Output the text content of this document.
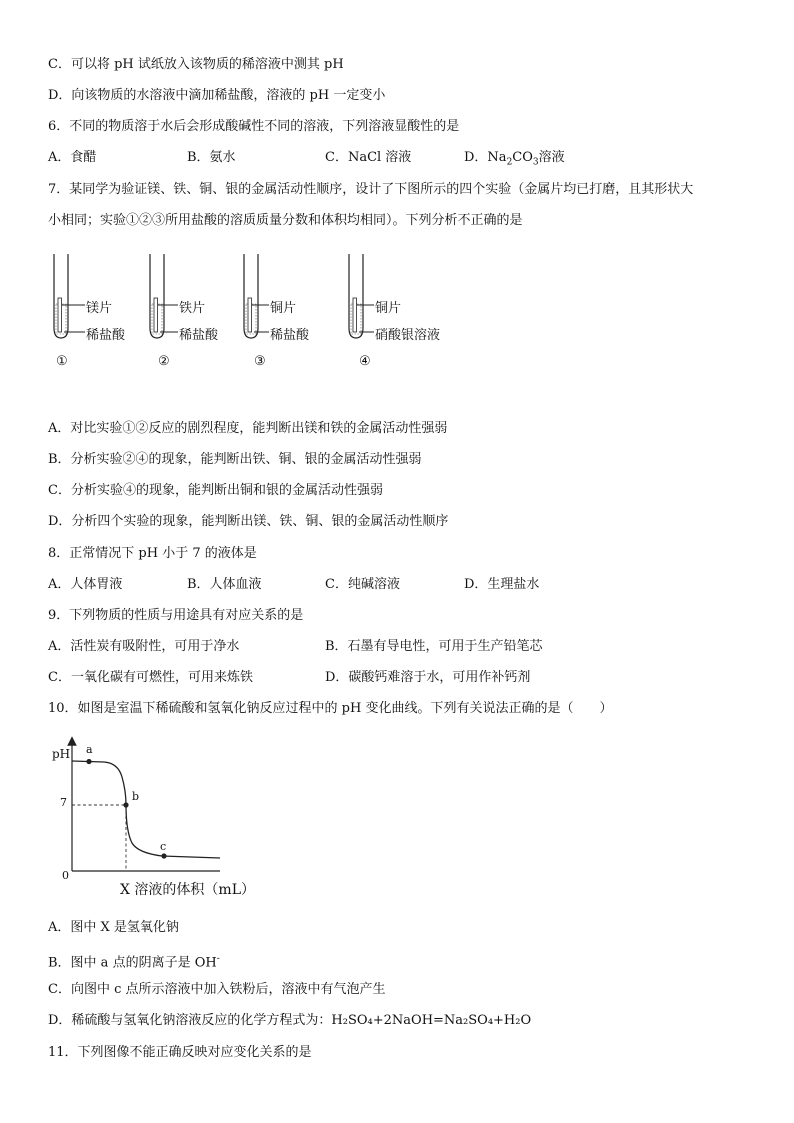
C．可以将 pH 试纸放入该物质的稀溶液中测其 pH
D．向该物质的水溶液中滴加稀盐酸，溶液的 pH 一定变小
6．不同的物质溶于水后会形成酸碱性不同的溶液，下列溶液显酸性的是
A．食醋	B．氨水	C．NaCl 溶液	D．$Na_2CO_3$溶液
7．某同学为验证镁、铁、铜、银的金属活动性顺序，设计了下图所示的四个实验（金属片均已打磨，且其形状大
小相同；实验①②③所用盐酸的溶质质量分数和体积均相同）。下列分析不正确的是
镁片
稀盐酸
①
铁片
稀盐酸
②
铜片
稀盐酸
③
铜片
硝酸银溶液
④
A．对比实验①②反应的剧烈程度，能判断出镁和铁的金属活动性强弱
B．分析实验②④的现象，能判断出铁、铜、银的金属活动性强弱
C．分析实验④的现象，能判断出铜和银的金属活动性强弱
D．分析四个实验的现象，能判断出镁、铁、铜、银的金属活动性顺序
8．正常情况下 pH 小于 7 的液体是
A．人体胃液	B．人体血液	C．纯碱溶液	D．生理盐水
9．下列物质的性质与用途具有对应关系的是
A．活性炭有吸附性，可用于净水	B．石墨有导电性，可用于生产铅笔芯
C．一氧化碳有可燃性，可用来炼铁	D．碳酸钙难溶于水，可用作补钙剂
10．如图是室温下稀硫酸和氢氧化钠反应过程中的 pH 变化曲线。下列有关说法正确的是（　　）
pH
7
0
a
b
c
X 溶液的体积（mL）
A．图中 X 是氢氧化钠
B．图中 a 点的阴离子是 OH-
C．向图中 c 点所示溶液中加入铁粉后，溶液中有气泡产生
D．稀硫酸与氢氧化钠溶液反应的化学方程式为：H₂SO₄+2NaOH=Na₂SO₄+H₂O
11．下列图像不能正确反映对应变化关系的是
